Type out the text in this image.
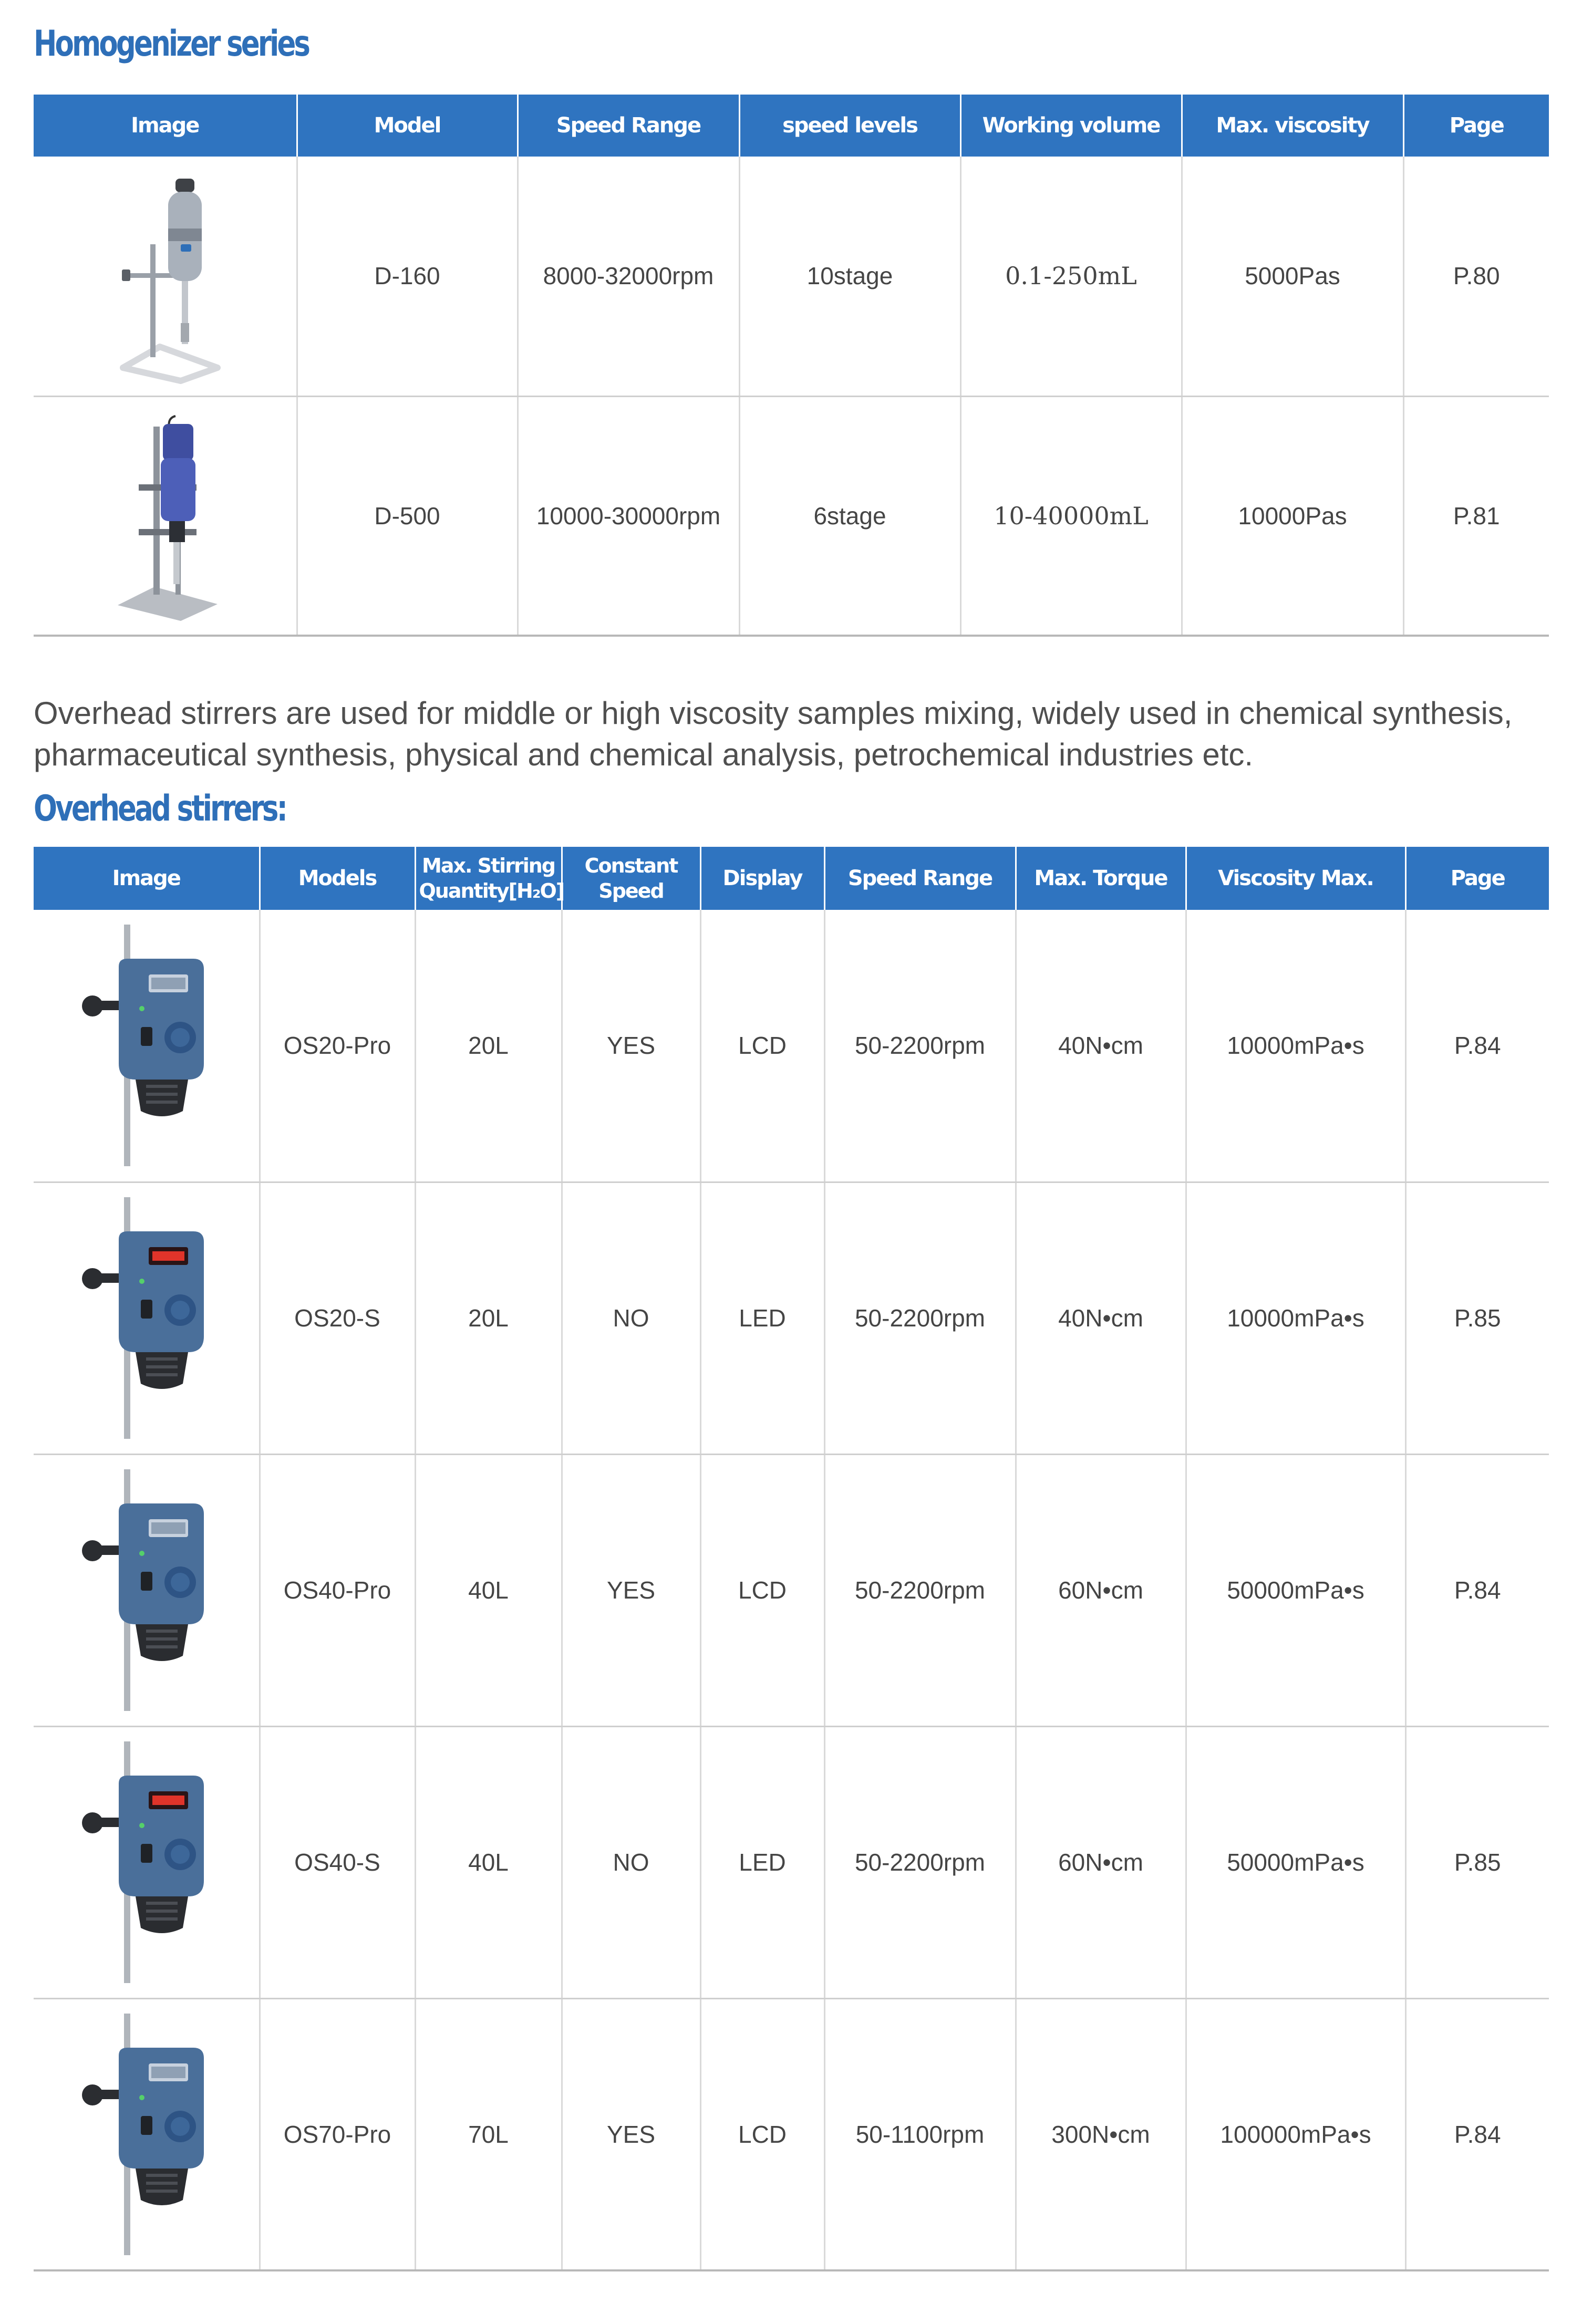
Homogenizer series
Image	Model	Speed Range	speed levels	Working volume	Max. viscosity	Page

	D-160	8000-32000rpm	10stage	0.1-250mL	5000Pas	P.80

	D-500	10000-30000rpm	6stage	10-40000mL	10000Pas	P.81

Overhead stirrers are used for middle or high viscosity samples mixing, widely used in chemical synthesis, pharmaceutical synthesis, physical and chemical analysis, petrochemical industries etc.

Overhead stirrers:
Image	Models	Max. Stirring Quantity[H₂O]	Constant Speed	Display	Speed Range	Max. Torque	Viscosity Max.	Page

	OS20-Pro	20L	YES	LCD	50-2200rpm	40N•cm	10000mPa•s	P.84

	OS20-S	20L	NO	LED	50-2200rpm	40N•cm	10000mPa•s	P.85

	OS40-Pro	40L	YES	LCD	50-2200rpm	60N•cm	50000mPa•s	P.84

	OS40-S	40L	NO	LED	50-2200rpm	60N•cm	50000mPa•s	P.85

	OS70-Pro	70L	YES	LCD	50-1100rpm	300N•cm	100000mPa•s	P.84
